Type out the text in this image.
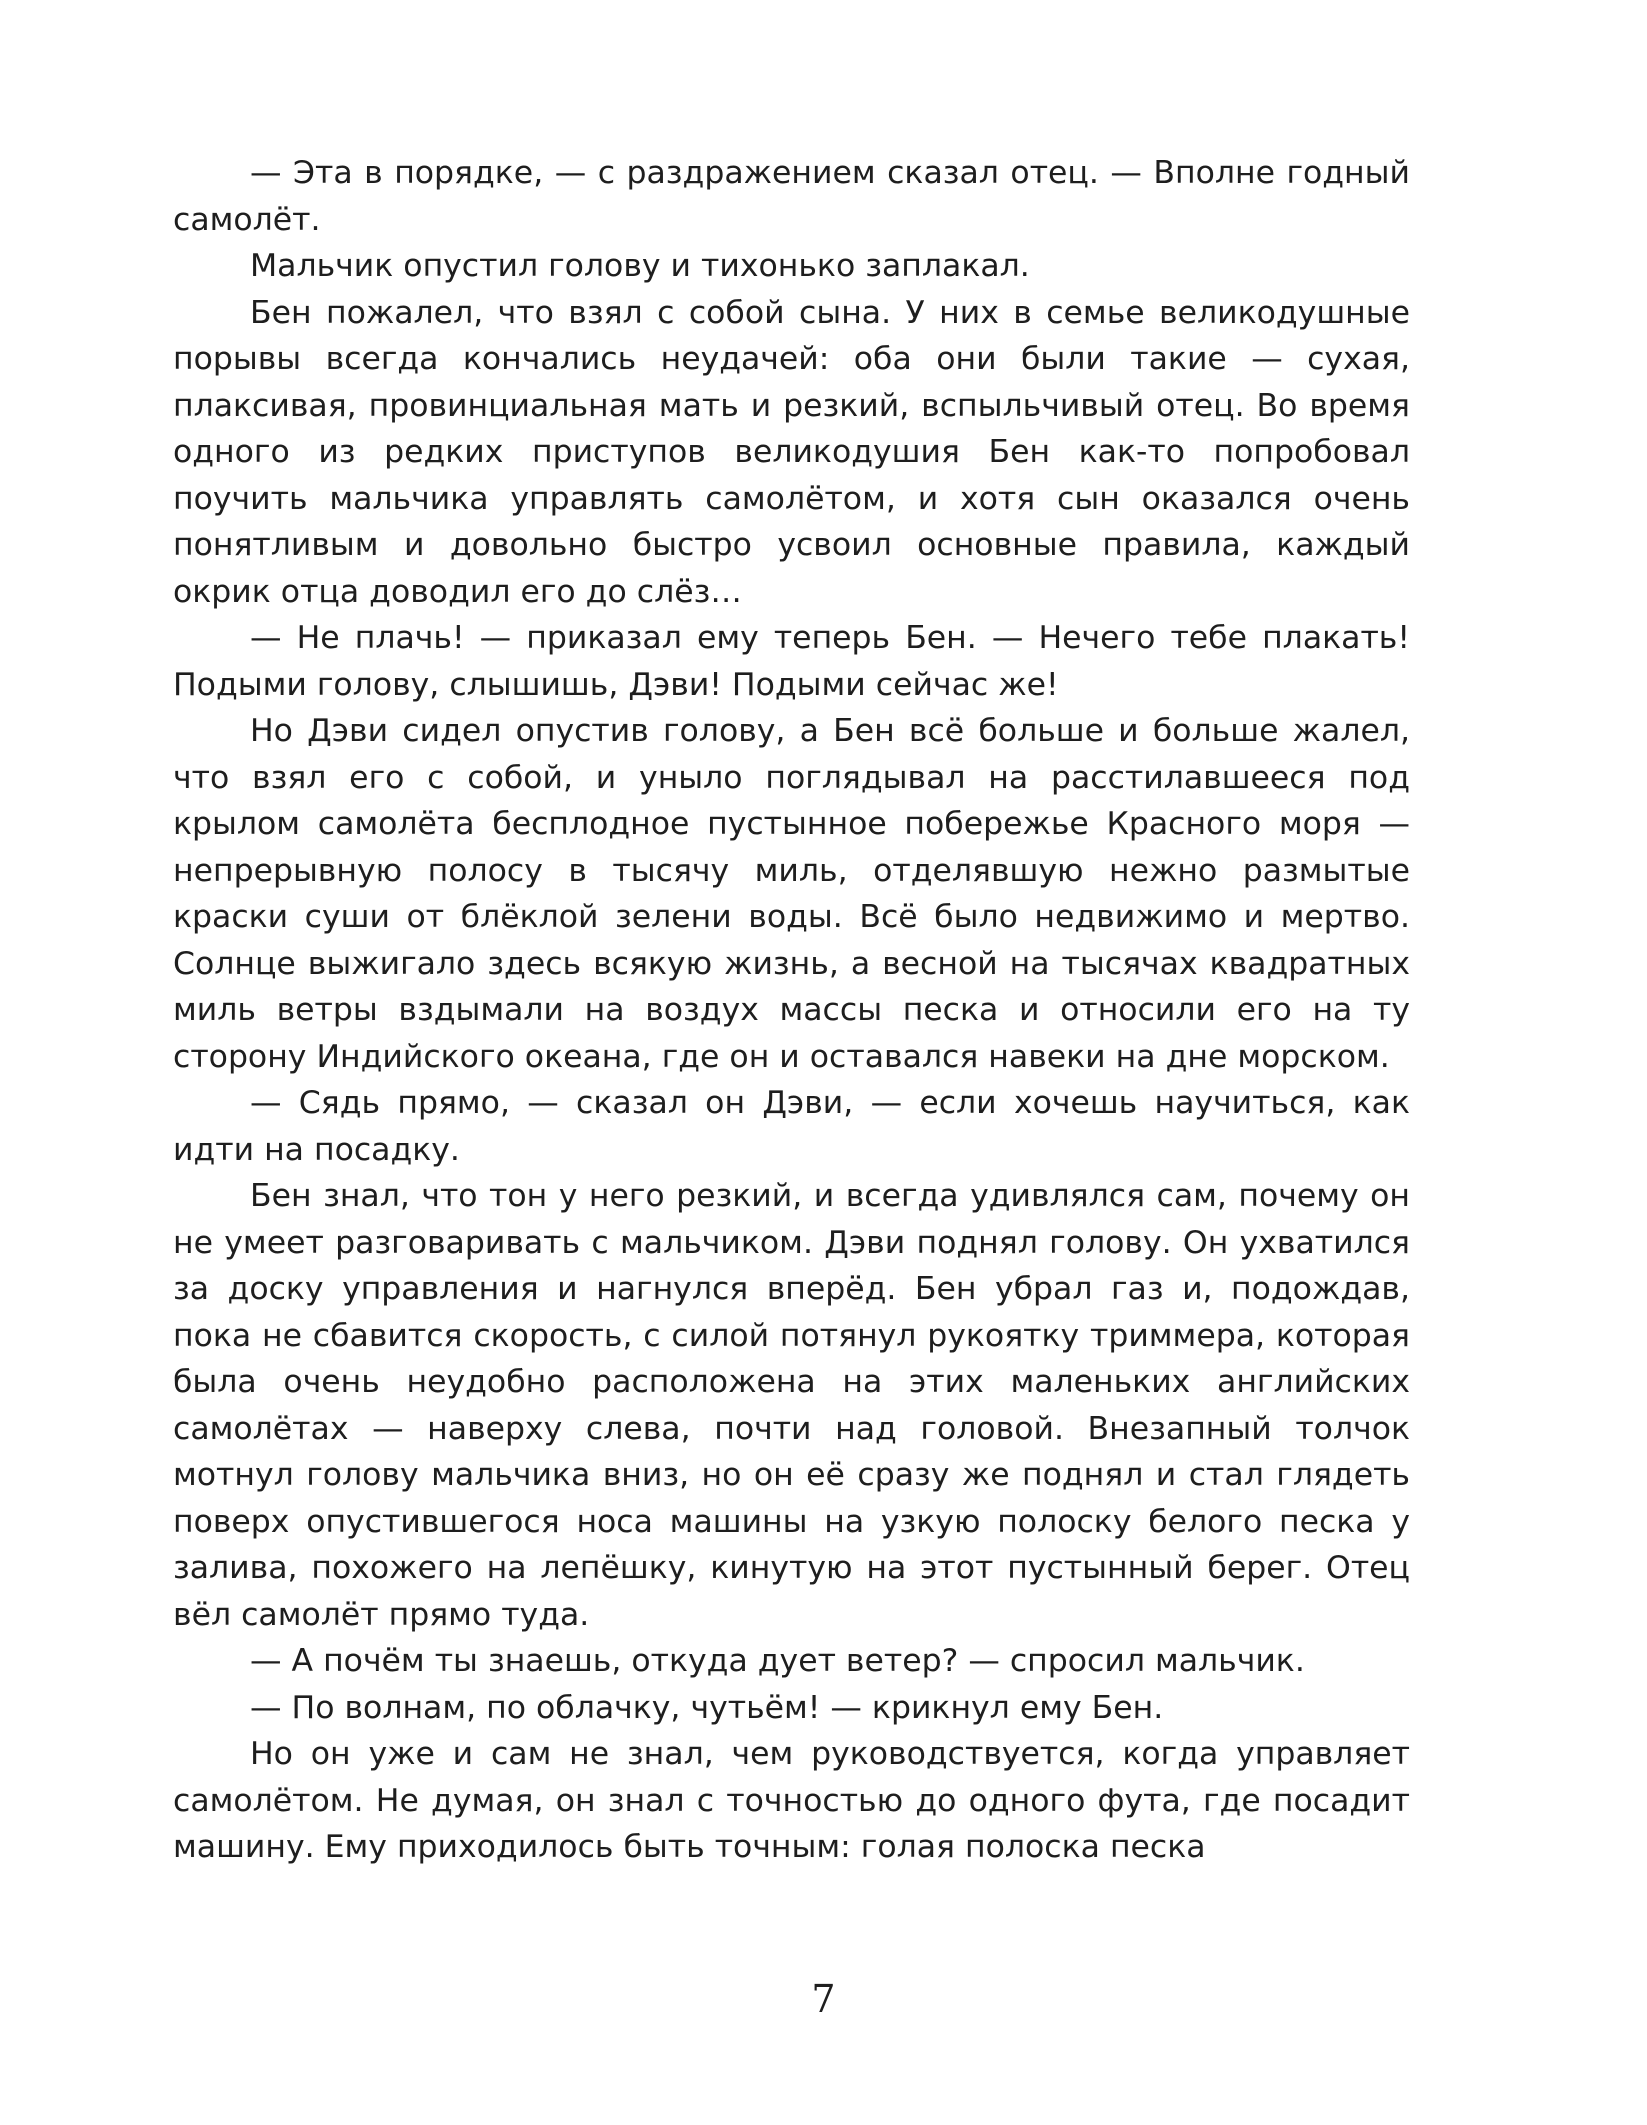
— Эта в порядке, — с раздражением сказал отец. — Вполне годный самолёт.

Мальчик опустил голову и тихонько заплакал.

Бен пожалел, что взял с собой сына. У них в семье великодушные порывы всегда кончались неудачей: оба они были такие — сухая, плаксивая, провинциальная мать и резкий, вспыльчивый отец. Во время одного из редких приступов великодушия Бен как-то попробовал поучить мальчика управлять самолётом, и хотя сын оказался очень понятливым и довольно быстро усвоил основные правила, каждый окрик отца доводил его до слёз…

— Не плачь! — приказал ему теперь Бен. — Нечего тебе плакать! Подыми голову, слышишь, Дэви! Подыми сейчас же!

Но Дэви сидел опустив голову, а Бен всё больше и больше жалел, что взял его с собой, и уныло поглядывал на расстилавшееся под крылом самолёта бесплодное пустынное побережье Красного моря — непрерывную полосу в тысячу миль, отделявшую нежно размытые краски суши от блёклой зелени воды. Всё было недвижимо и мертво. Солнце выжигало здесь всякую жизнь, а весной на тысячах квадратных миль ветры вздымали на воздух массы песка и относили его на ту сторону Индийского океана, где он и оставался навеки на дне морском.

— Сядь прямо, — сказал он Дэви, — если хочешь научиться, как идти на посадку.

Бен знал, что тон у него резкий, и всегда удивлялся сам, почему он не умеет разговаривать с мальчиком. Дэви поднял голову. Он ухватился за доску управления и нагнулся вперёд. Бен убрал газ и, подождав, пока не сбавится скорость, с силой потянул рукоятку триммера, которая была очень неудобно расположена на этих маленьких английских самолётах — наверху слева, почти над головой. Внезапный толчок мотнул голову мальчика вниз, но он её сразу же поднял и стал глядеть поверх опустившегося носа машины на узкую полоску белого песка у залива, похожего на лепёшку, кинутую на этот пустынный берег. Отец вёл самолёт прямо туда.

— А почём ты знаешь, откуда дует ветер? — спросил мальчик.

— По волнам, по облачку, чутьём! — крикнул ему Бен.

Но он уже и сам не знал, чем руководствуется, когда управляет самолётом. Не думая, он знал с точностью до одного фута, где посадит машину. Ему приходилось быть точным: голая полоска песка

7
